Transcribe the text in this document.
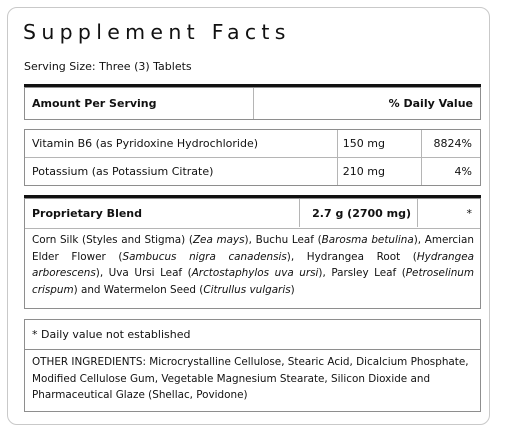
Supplement Facts
Serving Size: Three (3) Tablets
Amount Per Serving	% Daily Value
Vitamin B6 (as Pyridoxine Hydrochloride)	150 mg	8824%
Potassium (as Potassium Citrate)	210 mg	4%
Proprietary Blend	2.7 g (2700 mg)	*
Corn Silk (Styles and Stigma) (Zea mays), Buchu Leaf (Barosma betulina), Amercian Elder Flower (Sambucus nigra canadensis), Hydrangea Root (Hydrangea arborescens), Uva Ursi Leaf (Arctostaphylos uva ursi), Parsley Leaf (Petroselinum crispum) and Watermelon Seed (Citrullus vulgaris)
* Daily value not established
OTHER INGREDIENTS: Microcrystalline Cellulose, Stearic Acid, Dicalcium Phosphate, Modified Cellulose Gum, Vegetable Magnesium Stearate, Silicon Dioxide and Pharmaceutical Glaze (Shellac, Povidone)
